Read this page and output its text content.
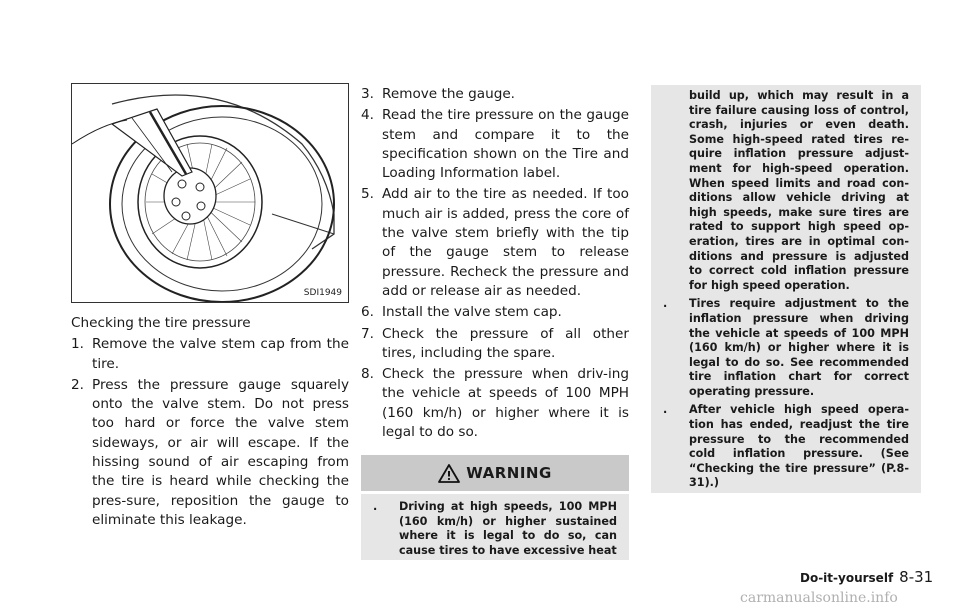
SDI1949
Checking the tire pressure
1. Remove the valve stem cap from the tire.
2. Press the pressure gauge squarely onto the valve stem. Do not press too hard or force the valve stem sideways, or air will escape. If the hissing sound of air escaping from the tire is heard while checking the pres-sure, reposition the gauge to eliminate this leakage.
3. Remove the gauge.
4. Read the tire pressure on the gauge stem and compare it to the specification shown on the Tire and Loading Information label.
5. Add air to the tire as needed. If too much air is added, press the core of the valve stem briefly with the tip of the gauge stem to release pressure. Recheck the pressure and add or release air as needed.
6. Install the valve stem cap.
7. Check the pressure of all other tires, including the spare.
8. Check the pressure when driv-ing the vehicle at speeds of 100 MPH (160 km/h) or higher where it is legal to do so.
WARNING
.	Driving at high speeds, 100 MPH (160 km/h) or higher sustained where it is legal to do so, can cause tires to have excessive heat
build up, which may result in a tire failure causing loss of control, crash, injuries or even death. Some high-speed rated tires re-quire inflation pressure adjust-ment for high-speed operation. When speed limits and road con-ditions allow vehicle driving at high speeds, make sure tires are rated to support high speed op-eration, tires are in optimal con-ditions and pressure is adjusted to correct cold inflation pressure for high speed operation.
.	Tires require adjustment to the inflation pressure when driving the vehicle at speeds of 100 MPH (160 km/h) or higher where it is legal to do so. See recommended tire inflation chart for correct operating pressure.
.	After vehicle high speed opera-tion has ended, readjust the tire pressure to the recommended cold inflation pressure. (See “Checking the tire pressure” (P.8-31).)
Do-it-yourself 8-31
carmanualsonline.info
